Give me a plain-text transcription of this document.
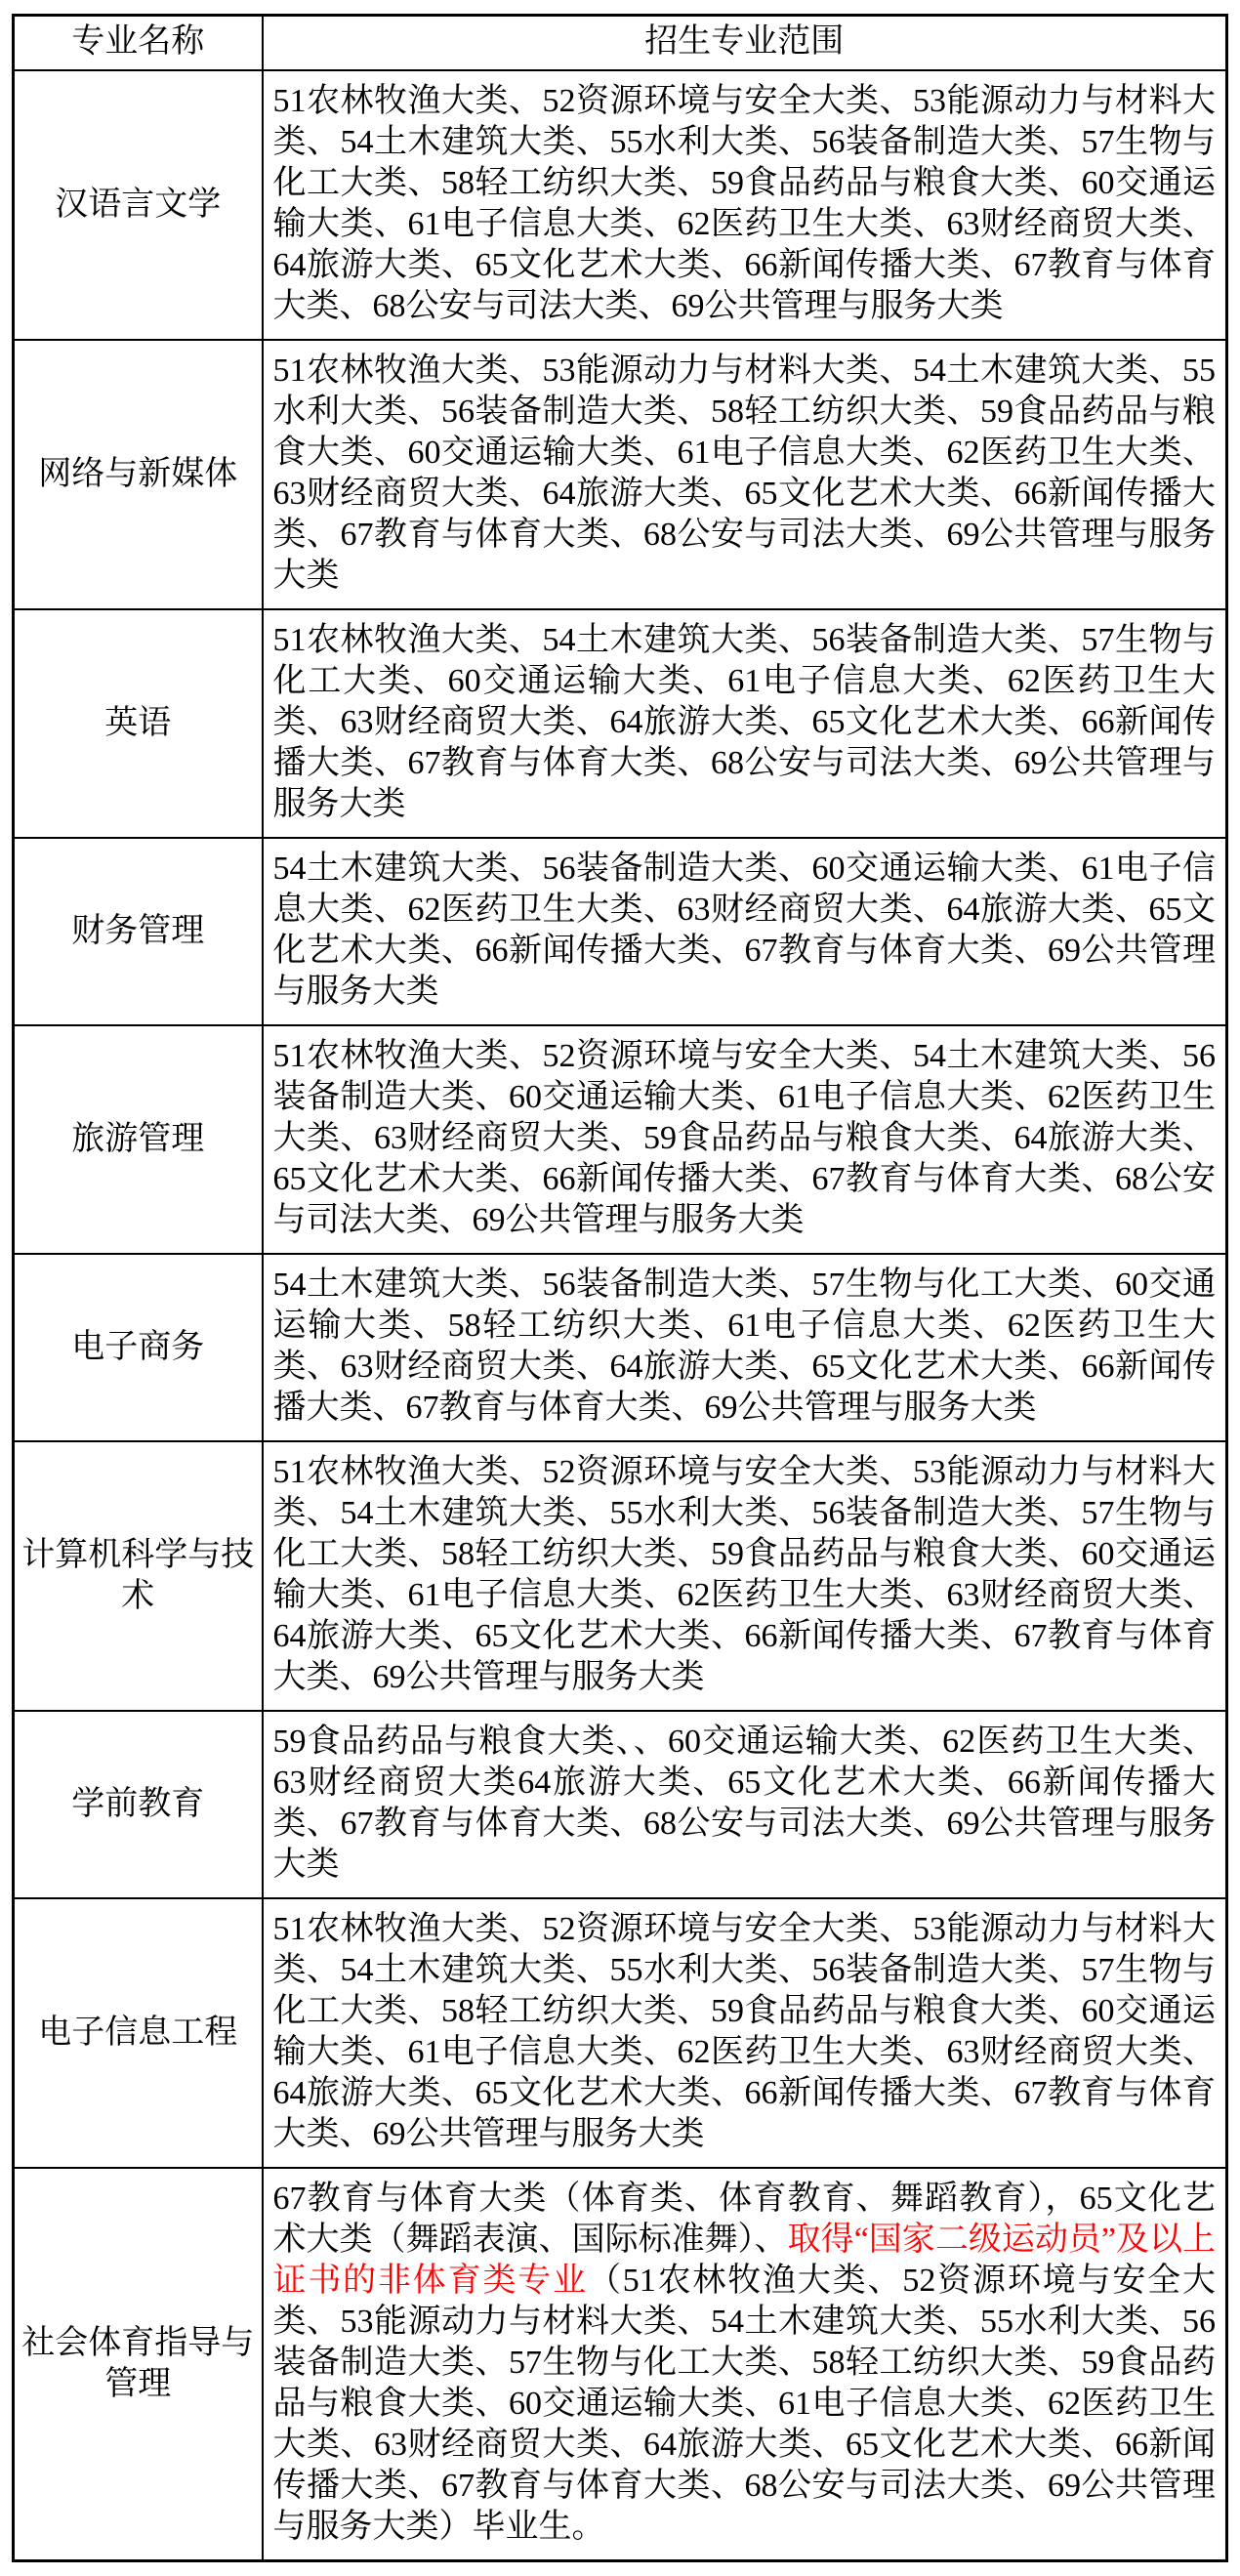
专业名称	招生专业范围
汉语言文学	51农林牧渔大类、52资源环境与安全大类、53能源动力与材料大类、54土木建筑大类、55水利大类、56装备制造大类、57生物与化工大类、58轻工纺织大类、59食品药品与粮食大类、60交通运输大类、61电子信息大类、62医药卫生大类、63财经商贸大类、64旅游大类、65文化艺术大类、66新闻传播大类、67教育与体育大类、68公安与司法大类、69公共管理与服务大类
网络与新媒体	51农林牧渔大类、53能源动力与材料大类、54土木建筑大类、55水利大类、56装备制造大类、58轻工纺织大类、59食品药品与粮食大类、60交通运输大类、61电子信息大类、62医药卫生大类、63财经商贸大类、64旅游大类、65文化艺术大类、66新闻传播大类、67教育与体育大类、68公安与司法大类、69公共管理与服务大类
英语	51农林牧渔大类、54土木建筑大类、56装备制造大类、57生物与化工大类、60交通运输大类、61电子信息大类、62医药卫生大类、63财经商贸大类、64旅游大类、65文化艺术大类、66新闻传播大类、67教育与体育大类、68公安与司法大类、69公共管理与服务大类
财务管理	54土木建筑大类、56装备制造大类、60交通运输大类、61电子信息大类、62医药卫生大类、63财经商贸大类、64旅游大类、65文化艺术大类、66新闻传播大类、67教育与体育大类、69公共管理与服务大类
旅游管理	51农林牧渔大类、52资源环境与安全大类、54土木建筑大类、56装备制造大类、60交通运输大类、61电子信息大类、62医药卫生大类、63财经商贸大类、59食品药品与粮食大类、64旅游大类、65文化艺术大类、66新闻传播大类、67教育与体育大类、68公安与司法大类、69公共管理与服务大类
电子商务	54土木建筑大类、56装备制造大类、57生物与化工大类、60交通运输大类、58轻工纺织大类、61电子信息大类、62医药卫生大类、63财经商贸大类、64旅游大类、65文化艺术大类、66新闻传播大类、67教育与体育大类、69公共管理与服务大类
计算机科学与技术	51农林牧渔大类、52资源环境与安全大类、53能源动力与材料大类、54土木建筑大类、55水利大类、56装备制造大类、57生物与化工大类、58轻工纺织大类、59食品药品与粮食大类、60交通运输大类、61电子信息大类、62医药卫生大类、63财经商贸大类、64旅游大类、65文化艺术大类、66新闻传播大类、67教育与体育大类、69公共管理与服务大类
学前教育	59食品药品与粮食大类、、60交通运输大类、62医药卫生大类、63财经商贸大类64旅游大类、65文化艺术大类、66新闻传播大类、67教育与体育大类、68公安与司法大类、69公共管理与服务大类
电子信息工程	51农林牧渔大类、52资源环境与安全大类、53能源动力与材料大类、54土木建筑大类、55水利大类、56装备制造大类、57生物与化工大类、58轻工纺织大类、59食品药品与粮食大类、60交通运输大类、61电子信息大类、62医药卫生大类、63财经商贸大类、64旅游大类、65文化艺术大类、66新闻传播大类、67教育与体育大类、69公共管理与服务大类
社会体育指导与管理	67教育与体育大类（体育类、体育教育、舞蹈教育），65文化艺术大类（舞蹈表演、国际标准舞）、取得“国家二级运动员”及以上证书的非体育类专业（51农林牧渔大类、52资源环境与安全大类、53能源动力与材料大类、54土木建筑大类、55水利大类、56装备制造大类、57生物与化工大类、58轻工纺织大类、59食品药品与粮食大类、60交通运输大类、61电子信息大类、62医药卫生大类、63财经商贸大类、64旅游大类、65文化艺术大类、66新闻传播大类、67教育与体育大类、68公安与司法大类、69公共管理与服务大类）毕业生。
